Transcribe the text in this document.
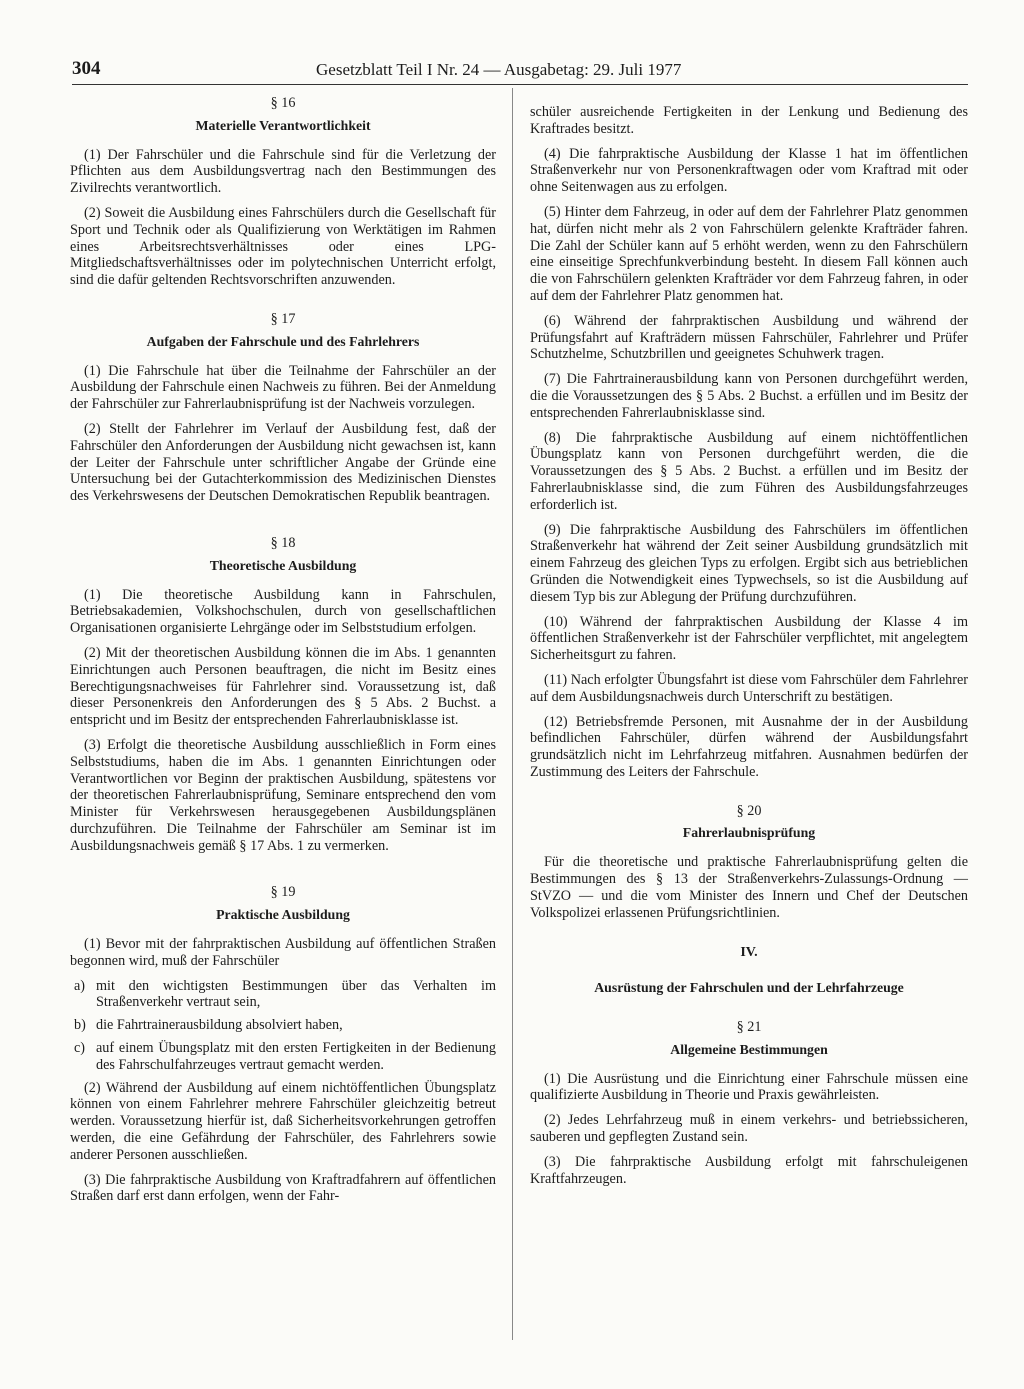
304	Gesetzblatt Teil I Nr. 24 — Ausgabetag: 29. Juli 1977
§ 16
Materielle Verantwortlichkeit

(1) Der Fahrschüler und die Fahrschule sind für die Verletzung der Pflichten aus dem Ausbildungsvertrag nach den Bestimmungen des Zivilrechts verantwortlich.

(2) Soweit die Ausbildung eines Fahrschülers durch die Gesellschaft für Sport und Technik oder als Qualifizierung von Werktätigen im Rahmen eines Arbeitsrechtsverhältnisses oder eines LPG-Mitgliedschaftsverhältnisses oder im polytechnischen Unterricht erfolgt, sind die dafür geltenden Rechtsvorschriften anzuwenden.

§ 17
Aufgaben der Fahrschule und des Fahrlehrers

(1) Die Fahrschule hat über die Teilnahme der Fahrschüler an der Ausbildung der Fahrschule einen Nachweis zu führen. Bei der Anmeldung der Fahrschüler zur Fahrerlaubnisprüfung ist der Nachweis vorzulegen.

(2) Stellt der Fahrlehrer im Verlauf der Ausbildung fest, daß der Fahrschüler den Anforderungen der Ausbildung nicht gewachsen ist, kann der Leiter der Fahrschule unter schriftlicher Angabe der Gründe eine Untersuchung bei der Gutachterkommission des Medizinischen Dienstes des Verkehrswesens der Deutschen Demokratischen Republik beantragen.

§ 18
Theoretische Ausbildung

(1) Die theoretische Ausbildung kann in Fahrschulen, Betriebsakademien, Volkshochschulen, durch von gesellschaftlichen Organisationen organisierte Lehrgänge oder im Selbststudium erfolgen.

(2) Mit der theoretischen Ausbildung können die im Abs. 1 genannten Einrichtungen auch Personen beauftragen, die nicht im Besitz eines Berechtigungsnachweises für Fahrlehrer sind. Voraussetzung ist, daß dieser Personenkreis den Anforderungen des § 5 Abs. 2 Buchst. a entspricht und im Besitz der entsprechenden Fahrerlaubnisklasse ist.

(3) Erfolgt die theoretische Ausbildung ausschließlich in Form eines Selbststudiums, haben die im Abs. 1 genannten Einrichtungen oder Verantwortlichen vor Beginn der praktischen Ausbildung, spätestens vor der theoretischen Fahrerlaubnisprüfung, Seminare entsprechend den vom Minister für Verkehrswesen herausgegebenen Ausbildungsplänen durchzuführen. Die Teilnahme der Fahrschüler am Seminar ist im Ausbildungsnachweis gemäß § 17 Abs. 1 zu vermerken.

§ 19
Praktische Ausbildung

(1) Bevor mit der fahrpraktischen Ausbildung auf öffentlichen Straßen begonnen wird, muß der Fahrschüler

a) mit den wichtigsten Bestimmungen über das Verhalten im Straßenverkehr vertraut sein,
b) die Fahrtrainerausbildung absolviert haben,
c) auf einem Übungsplatz mit den ersten Fertigkeiten in der Bedienung des Fahrschulfahrzeuges vertraut gemacht werden.

(2) Während der Ausbildung auf einem nichtöffentlichen Übungsplatz können von einem Fahrlehrer mehrere Fahrschüler gleichzeitig betreut werden. Voraussetzung hierfür ist, daß Sicherheitsvorkehrungen getroffen werden, die eine Gefährdung der Fahrschüler, des Fahrlehrers sowie anderer Personen ausschließen.

(3) Die fahrpraktische Ausbildung von Kraftradfahrern auf öffentlichen Straßen darf erst dann erfolgen, wenn der Fahr-

schüler ausreichende Fertigkeiten in der Lenkung und Bedienung des Kraftrades besitzt.

(4) Die fahrpraktische Ausbildung der Klasse 1 hat im öffentlichen Straßenverkehr nur von Personenkraftwagen oder vom Kraftrad mit oder ohne Seitenwagen aus zu erfolgen.

(5) Hinter dem Fahrzeug, in oder auf dem der Fahrlehrer Platz genommen hat, dürfen nicht mehr als 2 von Fahrschülern gelenkte Krafträder fahren. Die Zahl der Schüler kann auf 5 erhöht werden, wenn zu den Fahrschülern eine einseitige Sprechfunkverbindung besteht. In diesem Fall können auch die von Fahrschülern gelenkten Krafträder vor dem Fahrzeug fahren, in oder auf dem der Fahrlehrer Platz genommen hat.

(6) Während der fahrpraktischen Ausbildung und während der Prüfungsfahrt auf Krafträdern müssen Fahrschüler, Fahrlehrer und Prüfer Schutzhelme, Schutzbrillen und geeignetes Schuhwerk tragen.

(7) Die Fahrtrainerausbildung kann von Personen durchgeführt werden, die die Voraussetzungen des § 5 Abs. 2 Buchst. a erfüllen und im Besitz der entsprechenden Fahrerlaubnisklasse sind.

(8) Die fahrpraktische Ausbildung auf einem nichtöffentlichen Übungsplatz kann von Personen durchgeführt werden, die die Voraussetzungen des § 5 Abs. 2 Buchst. a erfüllen und im Besitz der Fahrerlaubnisklasse sind, die zum Führen des Ausbildungsfahrzeuges erforderlich ist.

(9) Die fahrpraktische Ausbildung des Fahrschülers im öffentlichen Straßenverkehr hat während der Zeit seiner Ausbildung grundsätzlich mit einem Fahrzeug des gleichen Typs zu erfolgen. Ergibt sich aus betrieblichen Gründen die Notwendigkeit eines Typwechsels, so ist die Ausbildung auf diesem Typ bis zur Ablegung der Prüfung durchzuführen.

(10) Während der fahrpraktischen Ausbildung der Klasse 4 im öffentlichen Straßenverkehr ist der Fahrschüler verpflichtet, mit angelegtem Sicherheitsgurt zu fahren.

(11) Nach erfolgter Übungsfahrt ist diese vom Fahrschüler dem Fahrlehrer auf dem Ausbildungsnachweis durch Unterschrift zu bestätigen.

(12) Betriebsfremde Personen, mit Ausnahme der in der Ausbildung befindlichen Fahrschüler, dürfen während der Ausbildungsfahrt grundsätzlich nicht im Lehrfahrzeug mitfahren. Ausnahmen bedürfen der Zustimmung des Leiters der Fahrschule.

§ 20
Fahrerlaubnisprüfung

Für die theoretische und praktische Fahrerlaubnisprüfung gelten die Bestimmungen des § 13 der Straßenverkehrs-Zulassungs-Ordnung — StVZO — und die vom Minister des Innern und Chef der Deutschen Volkspolizei erlassenen Prüfungsrichtlinien.

IV.
Ausrüstung der Fahrschulen und der Lehrfahrzeuge
§ 21
Allgemeine Bestimmungen

(1) Die Ausrüstung und die Einrichtung einer Fahrschule müssen eine qualifizierte Ausbildung in Theorie und Praxis gewährleisten.

(2) Jedes Lehrfahrzeug muß in einem verkehrs- und betriebssicheren, sauberen und gepflegten Zustand sein.

(3) Die fahrpraktische Ausbildung erfolgt mit fahrschuleigenen Kraftfahrzeugen.
